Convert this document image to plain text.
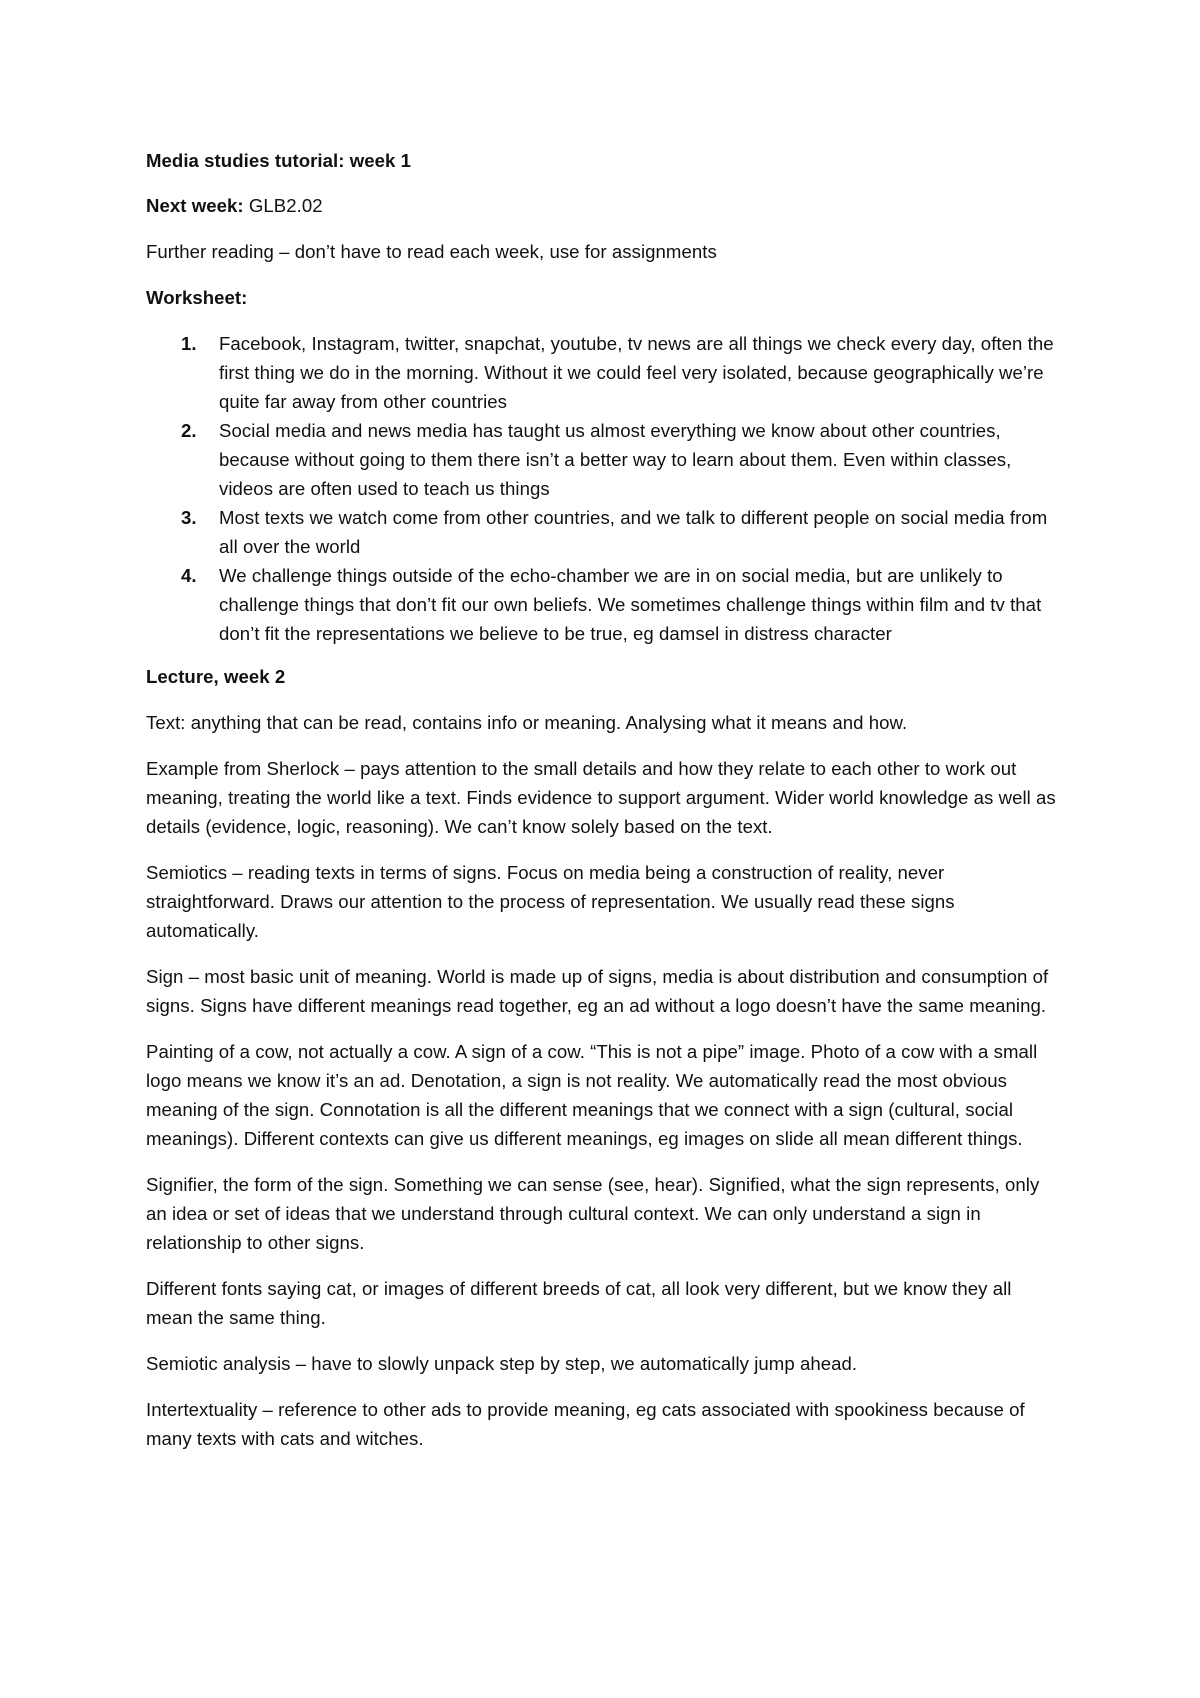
Media studies tutorial: week 1

Next week: GLB2.02

Further reading – don’t have to read each week, use for assignments

Worksheet:

1. Facebook, Instagram, twitter, snapchat, youtube, tv news are all things we check every day, often the first thing we do in the morning. Without it we could feel very isolated, because geographically we’re quite far away from other countries
2. Social media and news media has taught us almost everything we know about other countries, because without going to them there isn’t a better way to learn about them. Even within classes, videos are often used to teach us things
3. Most texts we watch come from other countries, and we talk to different people on social media from all over the world
4. We challenge things outside of the echo-chamber we are in on social media, but are unlikely to challenge things that don’t fit our own beliefs. We sometimes challenge things within film and tv that don’t fit the representations we believe to be true, eg damsel in distress character

Lecture, week 2

Text: anything that can be read, contains info or meaning. Analysing what it means and how.

Example from Sherlock – pays attention to the small details and how they relate to each other to work out meaning, treating the world like a text. Finds evidence to support argument. Wider world knowledge as well as details (evidence, logic, reasoning). We can’t know solely based on the text.

Semiotics – reading texts in terms of signs. Focus on media being a construction of reality, never straightforward. Draws our attention to the process of representation. We usually read these signs automatically.

Sign – most basic unit of meaning. World is made up of signs, media is about distribution and consumption of signs. Signs have different meanings read together, eg an ad without a logo doesn’t have the same meaning.

Painting of a cow, not actually a cow. A sign of a cow. “This is not a pipe” image. Photo of a cow with a small logo means we know it’s an ad. Denotation, a sign is not reality. We automatically read the most obvious meaning of the sign. Connotation is all the different meanings that we connect with a sign (cultural, social meanings). Different contexts can give us different meanings, eg images on slide all mean different things.

Signifier, the form of the sign. Something we can sense (see, hear). Signified, what the sign represents, only an idea or set of ideas that we understand through cultural context. We can only understand a sign in relationship to other signs.

Different fonts saying cat, or images of different breeds of cat, all look very different, but we know they all mean the same thing.

Semiotic analysis – have to slowly unpack step by step, we automatically jump ahead.

Intertextuality – reference to other ads to provide meaning, eg cats associated with spookiness because of many texts with cats and witches.
